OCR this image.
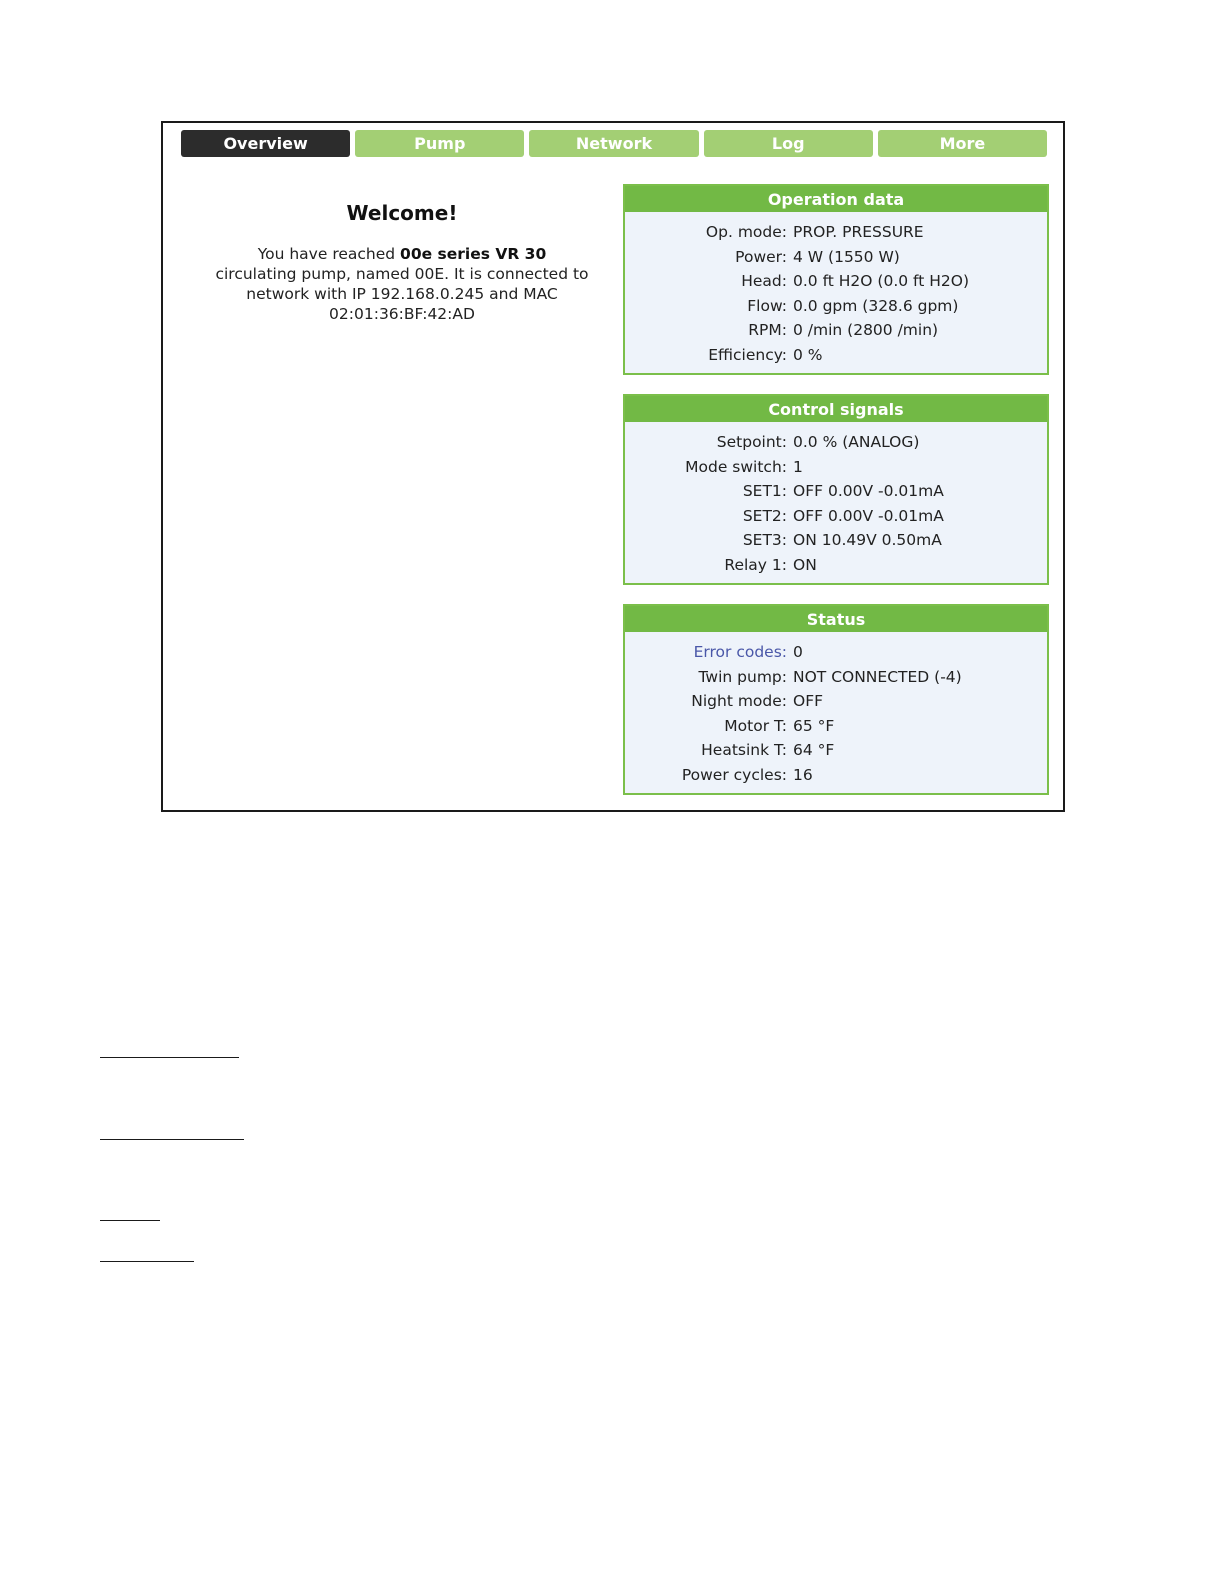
Overview	Pump	Network	Log	More
Welcome!

You have reached 00e series VR 30
circulating pump, named 00E. It is connected to network with IP 192.168.0.245 and MAC 02:01:36:BF:42:AD

Operation data
Op. mode: PROP. PRESSURE
Power: 4 W (1550 W)
Head: 0.0 ft H2O (0.0 ft H2O)
Flow: 0.0 gpm (328.6 gpm)
RPM: 0 /min (2800 /min)
Efficiency: 0 %
Control signals
Setpoint: 0.0 % (ANALOG)
Mode switch: 1
SET1: OFF 0.00V -0.01mA
SET2: OFF 0.00V -0.01mA
SET3: ON 10.49V 0.50mA
Relay 1: ON
Status
Error codes: 0
Twin pump: NOT CONNECTED (-4)
Night mode: OFF
Motor T: 65 °F
Heatsink T: 64 °F
Power cycles: 16
